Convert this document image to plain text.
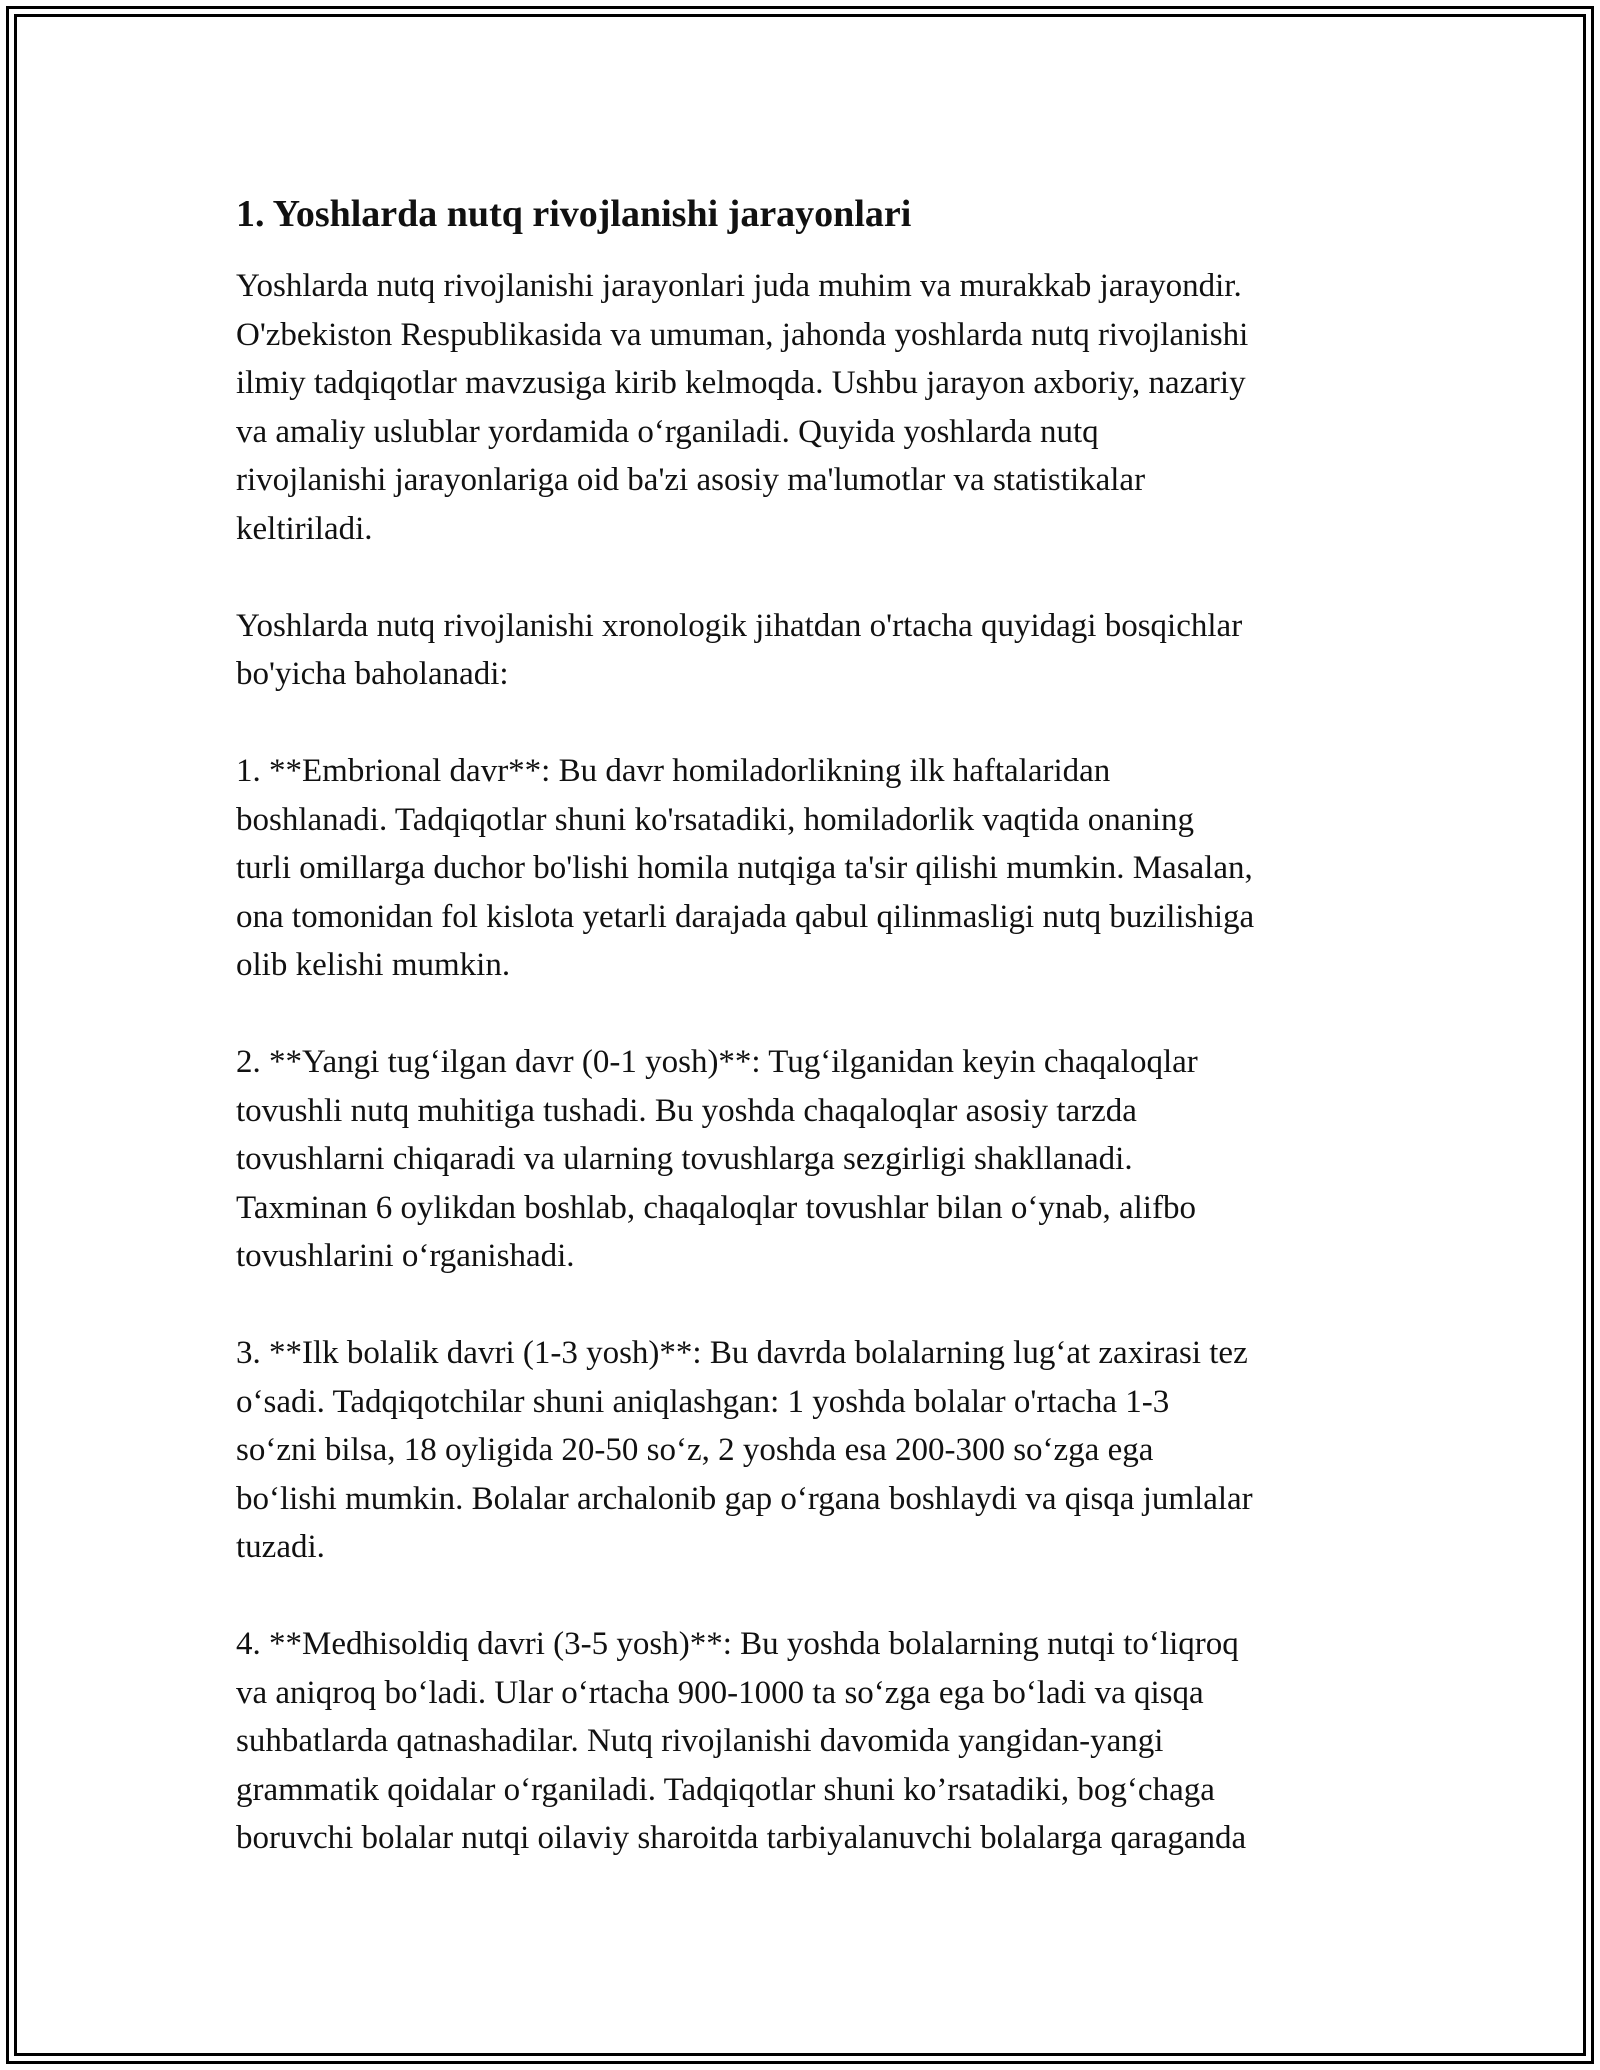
1. Yoshlarda nutq rivojlanishi jarayonlari

Yoshlarda nutq rivojlanishi jarayonlari juda muhim va murakkab jarayondir.
O'zbekiston Respublikasida va umuman, jahonda yoshlarda nutq rivojlanishi
ilmiy tadqiqotlar mavzusiga kirib kelmoqda. Ushbu jarayon axboriy, nazariy
va amaliy uslublar yordamida o‘rganiladi. Quyida yoshlarda nutq
rivojlanishi jarayonlariga oid ba'zi asosiy ma'lumotlar va statistikalar
keltiriladi.

Yoshlarda nutq rivojlanishi xronologik jihatdan o'rtacha quyidagi bosqichlar
bo'yicha baholanadi:

1. **Embrional davr**: Bu davr homiladorlikning ilk haftalaridan
boshlanadi. Tadqiqotlar shuni ko'rsatadiki, homiladorlik vaqtida onaning
turli omillarga duchor bo'lishi homila nutqiga ta'sir qilishi mumkin. Masalan,
ona tomonidan fol kislota yetarli darajada qabul qilinmasligi nutq buzilishiga
olib kelishi mumkin.

2. **Yangi tug‘ilgan davr (0-1 yosh)**: Tug‘ilganidan keyin chaqaloqlar
tovushli nutq muhitiga tushadi. Bu yoshda chaqaloqlar asosiy tarzda
tovushlarni chiqaradi va ularning tovushlarga sezgirligi shakllanadi.
Taxminan 6 oylikdan boshlab, chaqaloqlar tovushlar bilan o‘ynab, alifbo
tovushlarini o‘rganishadi.

3. **Ilk bolalik davri (1-3 yosh)**: Bu davrda bolalarning lug‘at zaxirasi tez
o‘sadi. Tadqiqotchilar shuni aniqlashgan: 1 yoshda bolalar o'rtacha 1-3
so‘zni bilsa, 18 oyligida 20-50 so‘z, 2 yoshda esa 200-300 so‘zga ega
bo‘lishi mumkin. Bolalar archalonib gap o‘rgana boshlaydi va qisqa jumlalar
tuzadi.

4. **Medhisoldiq davri (3-5 yosh)**: Bu yoshda bolalarning nutqi to‘liqroq
va aniqroq bo‘ladi. Ular o‘rtacha 900-1000 ta so‘zga ega bo‘ladi va qisqa
suhbatlarda qatnashadilar. Nutq rivojlanishi davomida yangidan-yangi
grammatik qoidalar o‘rganiladi. Tadqiqotlar shuni ko’rsatadiki, bog‘chaga
boruvchi bolalar nutqi oilaviy sharoitda tarbiyalanuvchi bolalarga qaraganda
